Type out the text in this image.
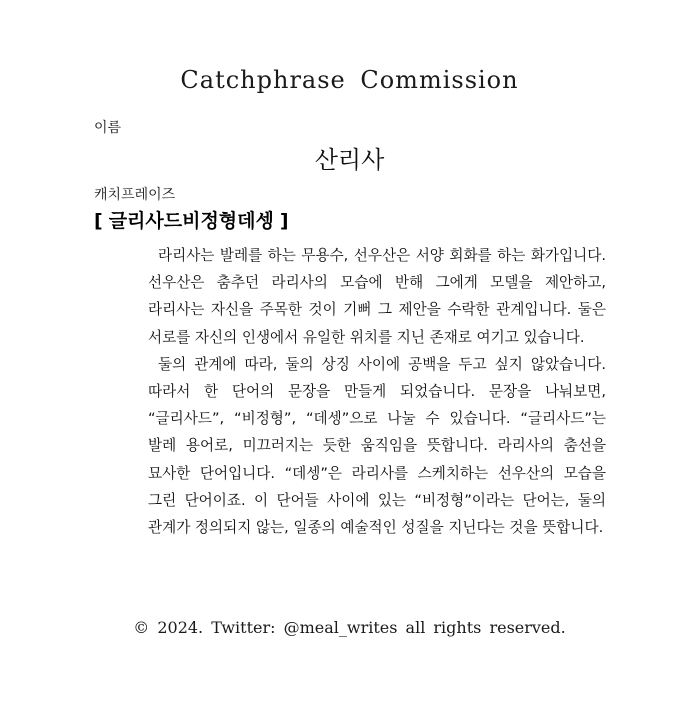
Catchphrase Commission
이름
산리사
캐치프레이즈
[ 글리사드비정형데셍 ]

라리사는 발레를 하는 무용수, 선우산은 서양 회화를 하는 화가입니다. 선우산은 춤추던 라리사의 모습에 반해 그에게 모델을 제안하고, 라리사는 자신을 주목한 것이 기뻐 그 제안을 수락한 관계입니다. 둘은 서로를 자신의 인생에서 유일한 위치를 지닌 존재로 여기고 있습니다.

둘의 관계에 따라, 둘의 상징 사이에 공백을 두고 싶지 않았습니다. 따라서 한 단어의 문장을 만들게 되었습니다. 문장을 나눠보면, “글리사드”, “비정형”, “데셍”으로 나눌 수 있습니다. “글리사드”는 발레 용어로, 미끄러지는 듯한 움직임을 뜻합니다. 라리사의 춤선을 묘사한 단어입니다. “데셍”은 라리사를 스케치하는 선우산의 모습을 그린 단어이죠. 이 단어들 사이에 있는 “비정형”이라는 단어는, 둘의 관계가 정의되지 않는, 일종의 예술적인 성질을 지닌다는 것을 뜻합니다.

© 2024. Twitter: @meal_writes all rights reserved.
